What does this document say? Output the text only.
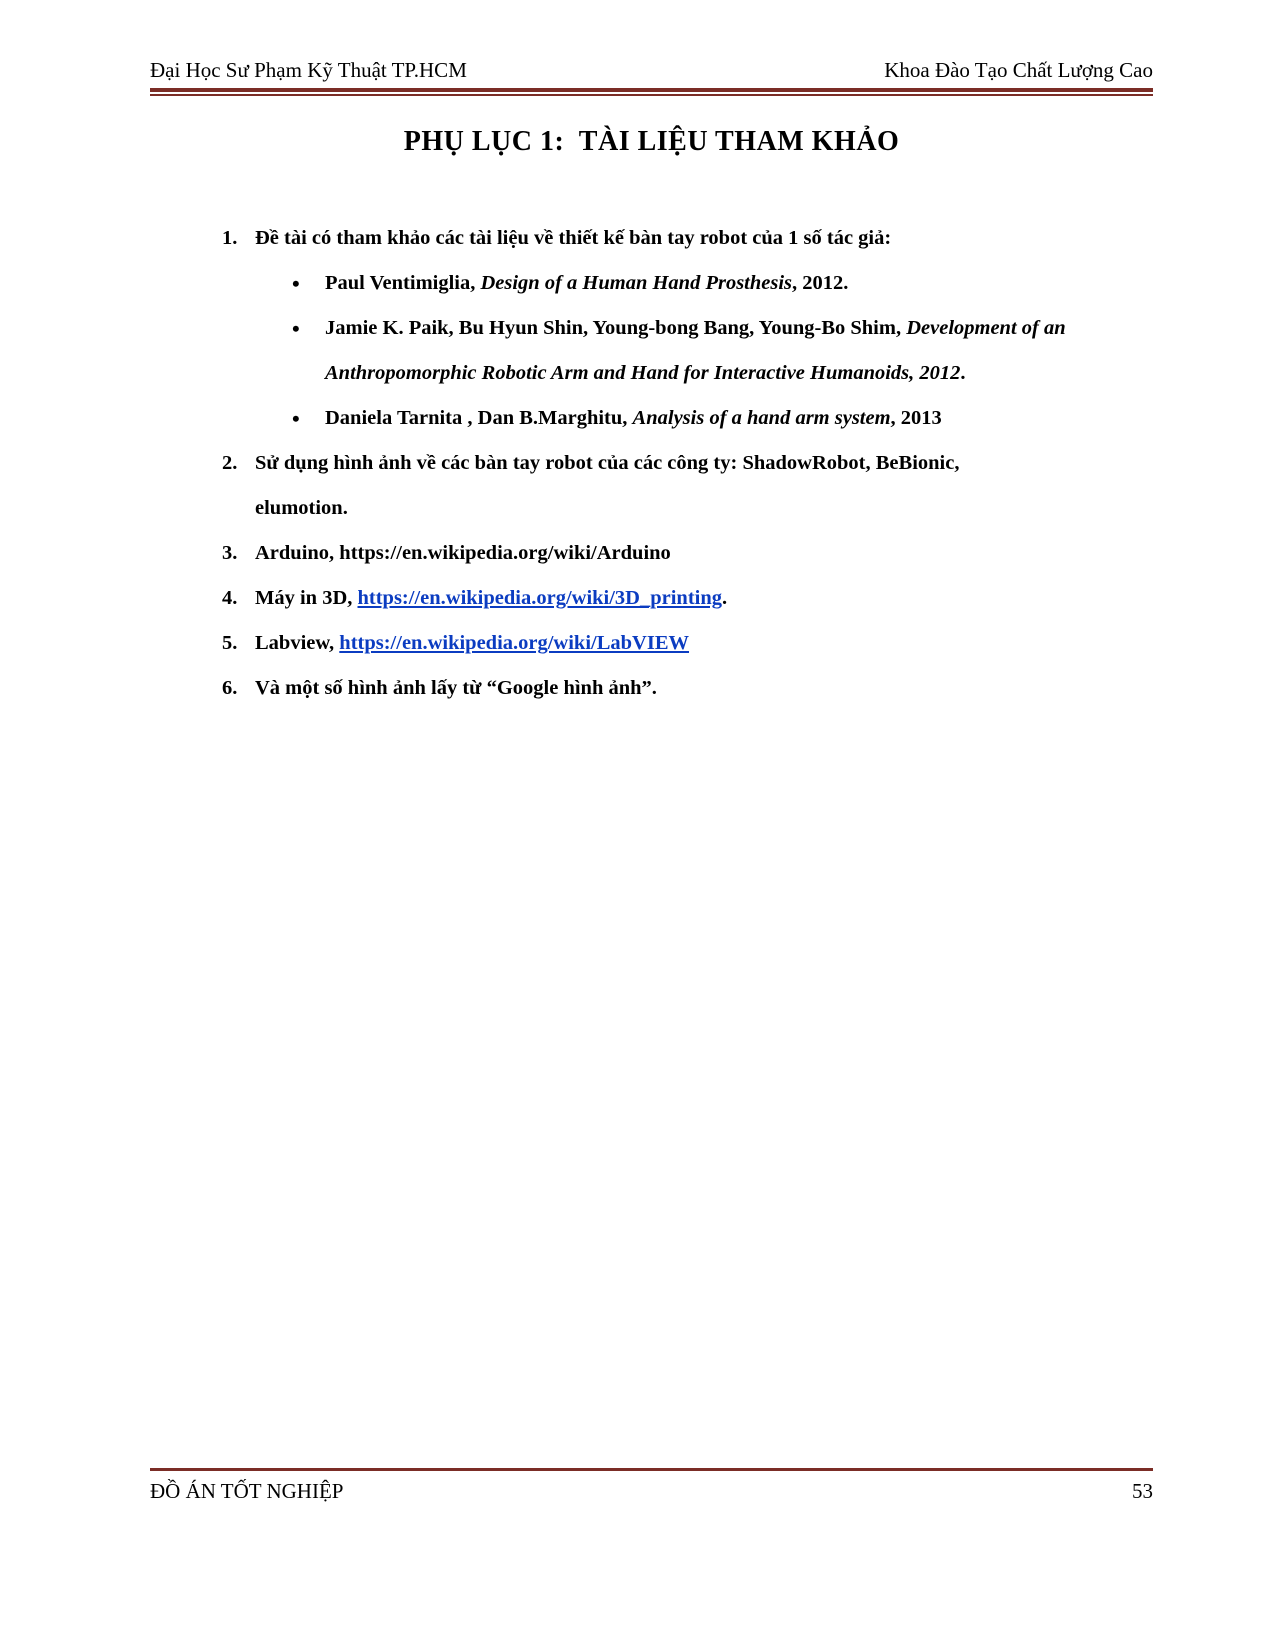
Đại Học Sư Phạm Kỹ Thuật TP.HCM	Khoa Đào Tạo Chất Lượng Cao
PHỤ LỤC 1:  TÀI LIỆU THAM KHẢO
1. Đề tài có tham khảo các tài liệu về thiết kế bàn tay robot của 1 số tác giả:
•	Paul Ventimiglia, Design of a Human Hand Prosthesis, 2012.
•	Jamie K. Paik, Bu Hyun Shin, Young-bong Bang, Young-Bo Shim, Development of an Anthropomorphic Robotic Arm and Hand for Interactive Humanoids, 2012.
•	Daniela Tarnita , Dan B.Marghitu, Analysis of a hand arm system, 2013
2. Sử dụng hình ảnh về các bàn tay robot của các công ty: ShadowRobot, BeBionic, elumotion.
3. Arduino, https://en.wikipedia.org/wiki/Arduino
4. Máy in 3D, https://en.wikipedia.org/wiki/3D_printing.
5. Labview, https://en.wikipedia.org/wiki/LabVIEW
6. Và một số hình ảnh lấy từ “Google hình ảnh”.
ĐỒ ÁN TỐT NGHIỆP	53
